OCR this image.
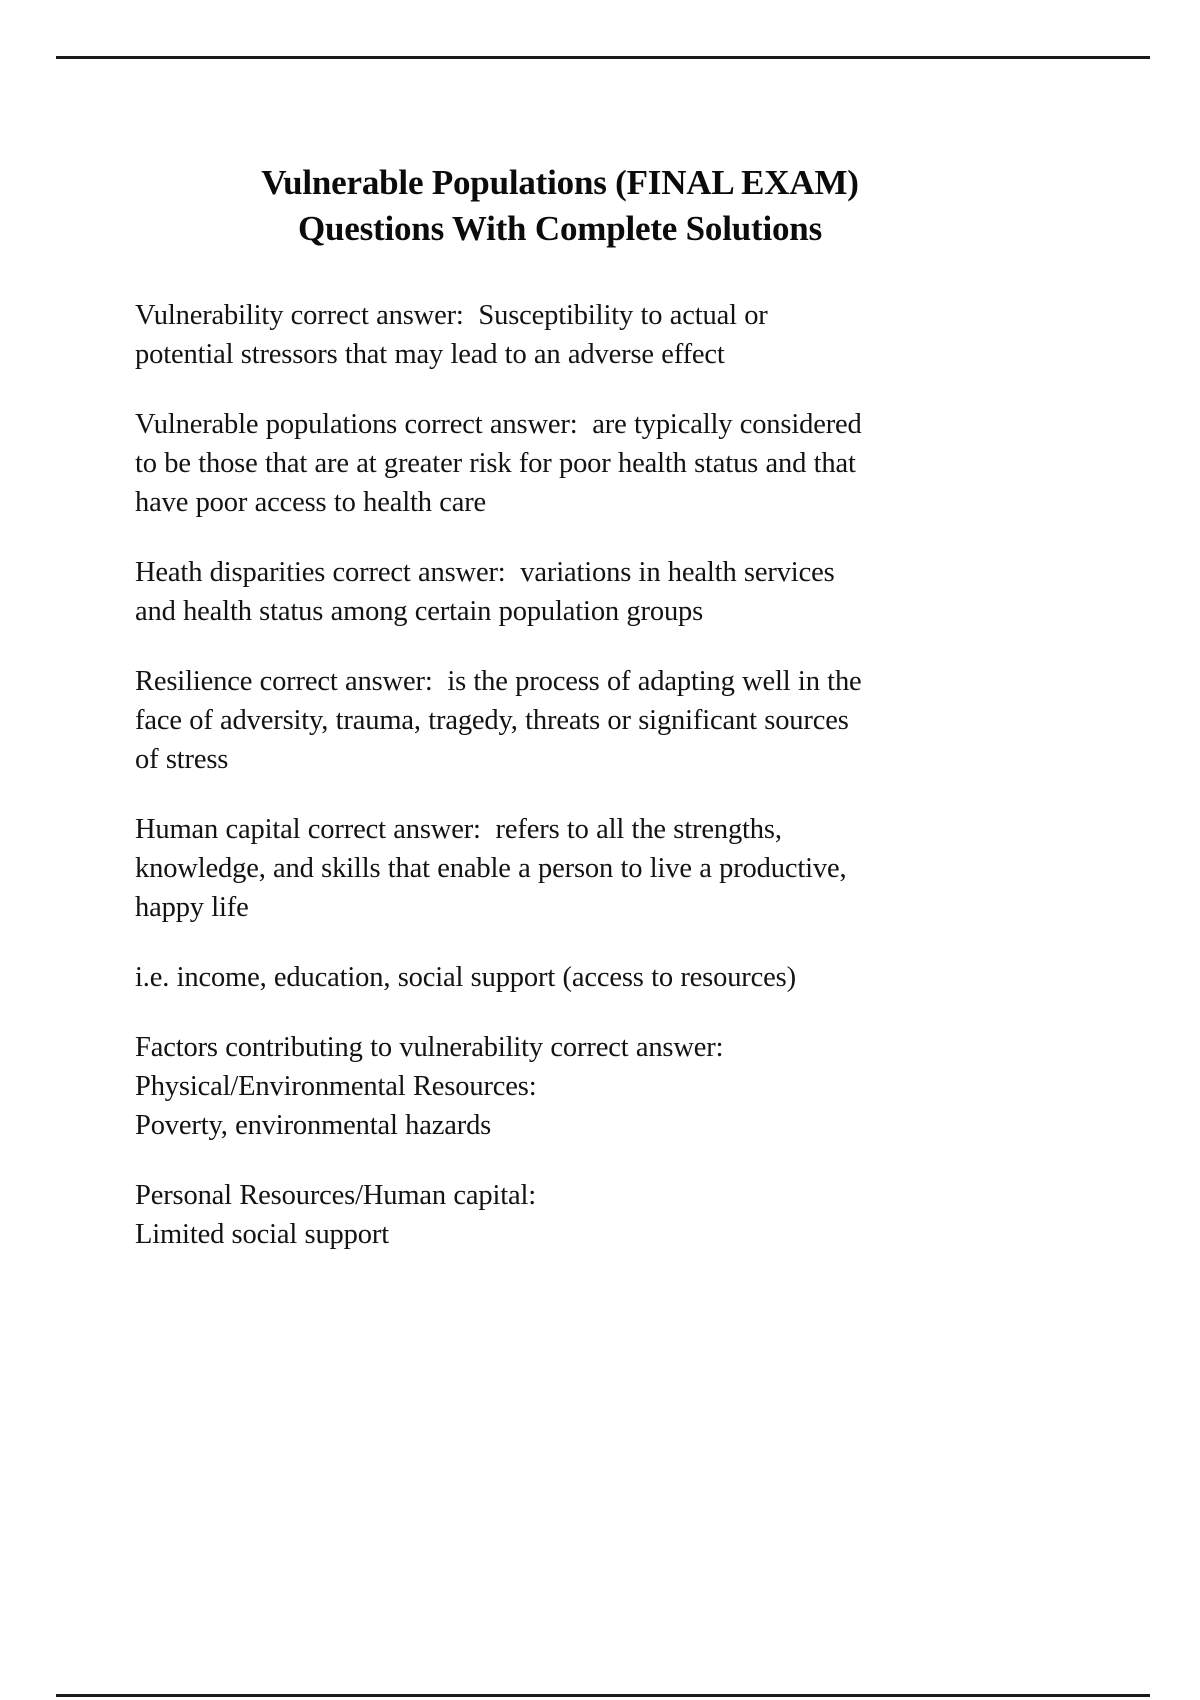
Vulnerable Populations (FINAL EXAM)
Questions With Complete Solutions

Vulnerability correct answer:  Susceptibility to actual or
potential stressors that may lead to an adverse effect

Vulnerable populations correct answer:  are typically considered
to be those that are at greater risk for poor health status and that
have poor access to health care

Heath disparities correct answer:  variations in health services
and health status among certain population groups

Resilience correct answer:  is the process of adapting well in the
face of adversity, trauma, tragedy, threats or significant sources
of stress

Human capital correct answer:  refers to all the strengths,
knowledge, and skills that enable a person to live a productive,
happy life

i.e. income, education, social support (access to resources)

Factors contributing to vulnerability correct answer:
Physical/Environmental Resources:
Poverty, environmental hazards

Personal Resources/Human capital:
Limited social support
